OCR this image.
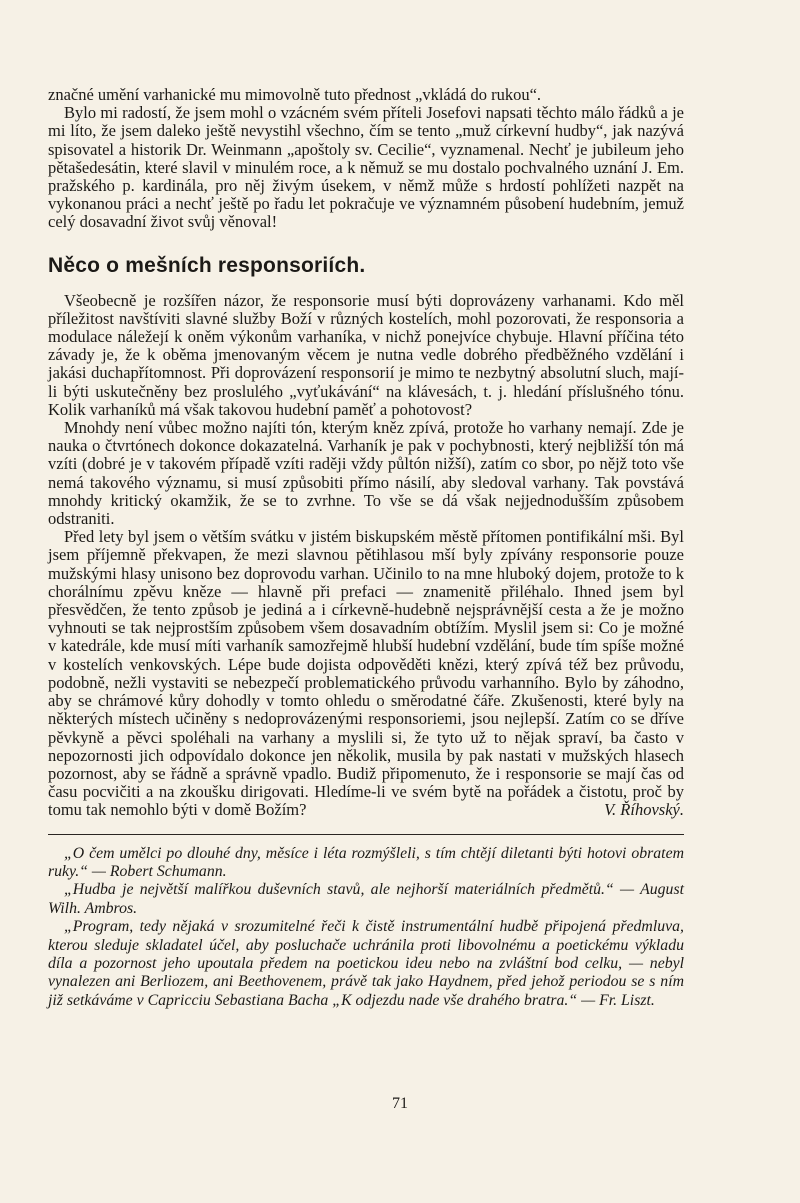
značné umění varhanické mu mimovolně tuto přednost „vkládá do rukou“.

Bylo mi radostí, že jsem mohl o vzácném svém příteli Josefovi napsati těchto málo řádků a je mi líto, že jsem daleko ještě nevystihl všechno, čím se tento „muž církevní hudby“, jak nazývá spisovatel a historik Dr. Weinmann „apoštoly sv. Cecilie“, vyznamenal. Nechť je jubileum jeho pětašedesátin, které slavil v minulém roce, a k němuž se mu dostalo pochvalného uznání J. Em. pražského p. kardinála, pro něj živým úsekem, v němž může s hrdostí pohlížeti nazpět na vykonanou práci a nechť ještě po řadu let pokračuje ve významném působení hudebním, jemuž celý dosavadní život svůj věnoval!

Něco o mešních responsoriích.

Všeobecně je rozšířen názor, že responsorie musí býti doprovázeny varhanami. Kdo měl příležitost navštíviti slavné služby Boží v různých kostelích, mohl pozorovati, že responsoria a modulace náležejí k oněm výkonům varhaníka, v nichž ponejvíce chybuje. Hlavní příčina této závady je, že k oběma jmenovaným věcem je nutna vedle dobrého předběžného vzdělání i jakási duchapřítomnost. Při doprovázení responsorií je mimo te nezbytný absolutní sluch, mají-li býti uskutečněny bez proslulého „vyťukávání“ na klávesách, t. j. hledání příslušného tónu. Kolik varhaníků má však takovou hudební paměť a pohotovost?

Mnohdy není vůbec možno najíti tón, kterým kněz zpívá, protože ho varhany nemají. Zde je nauka o čtvrtónech dokonce dokazatelná. Varhaník je pak v pochybnosti, který nejbližší tón má vzíti (dobré je v takovém případě vzíti raději vždy půltón nižší), zatím co sbor, po nějž toto vše nemá takového významu, si musí způsobiti přímo násilí, aby sledoval varhany. Tak povstává mnohdy kritický okamžik, že se to zvrhne. To vše se dá však nejjednodušším způsobem odstraniti.

Před lety byl jsem o větším svátku v jistém biskupském městě přítomen pontifikální mši. Byl jsem příjemně překvapen, že mezi slavnou pětihlasou mší byly zpívány responsorie pouze mužskými hlasy unisono bez doprovodu varhan. Učinilo to na mne hluboký dojem, protože to k chorálnímu zpěvu kněze — hlavně při prefaci — znamenitě přiléhalo. Ihned jsem byl přesvědčen, že tento způsob je jediná a i církevně-hudebně nejsprávnější cesta a že je možno vyhnouti se tak nejprostším způsobem všem dosavadním obtížím. Myslil jsem si: Co je možné v katedrále, kde musí míti varhaník samozřejmě hlubší hudební vzdělání, bude tím spíše možné v kostelích venkovských. Lépe bude dojista odpověděti knězi, který zpívá též bez průvodu, podobně, nežli vystaviti se nebezpečí problematického průvodu varhanního. Bylo by záhodno, aby se chrámové kůry dohodly v tomto ohledu o směrodatné čáře. Zkušenosti, které byly na některých místech učiněny s nedoprovázenými responsoriemi, jsou nejlepší. Zatím co se dříve pěvkyně a pěvci spoléhali na varhany a myslili si, že tyto už to nějak spraví, ba často v nepozornosti jich odpovídalo dokonce jen několik, musila by pak nastati v mužských hlasech pozornost, aby se řádně a správně vpadlo. Budiž připomenuto, že i responsorie se mají čas od času pocvičiti a na zkoušku dirigovati. Hledíme-li ve svém bytě na pořádek a čistotu, proč by tomu tak nemohlo býti v domě Božím?	V. Říhovský.

„O čem umělci po dlouhé dny, měsíce i léta rozmýšleli, s tím chtějí diletanti býti hotovi obratem ruky.“ — Robert Schumann.

„Hudba je největší malířkou duševních stavů, ale nejhorší materiálních předmětů.“ — August Wilh. Ambros.

„Program, tedy nějaká v srozumitelné řeči k čistě instrumentální hudbě připojená předmluva, kterou sleduje skladatel účel, aby posluchače uchránila proti libovolnému a poetickému výkladu díla a pozornost jeho upoutala předem na poetickou ideu nebo na zvláštní bod celku, — nebyl vynalezen ani Berliozem, ani Beethovenem, právě tak jako Haydnem, před jehož periodou se s ním již setkáváme v Capricciu Sebastiana Bacha „K odjezdu nade vše drahého bratra.“ — Fr. Liszt.

71
